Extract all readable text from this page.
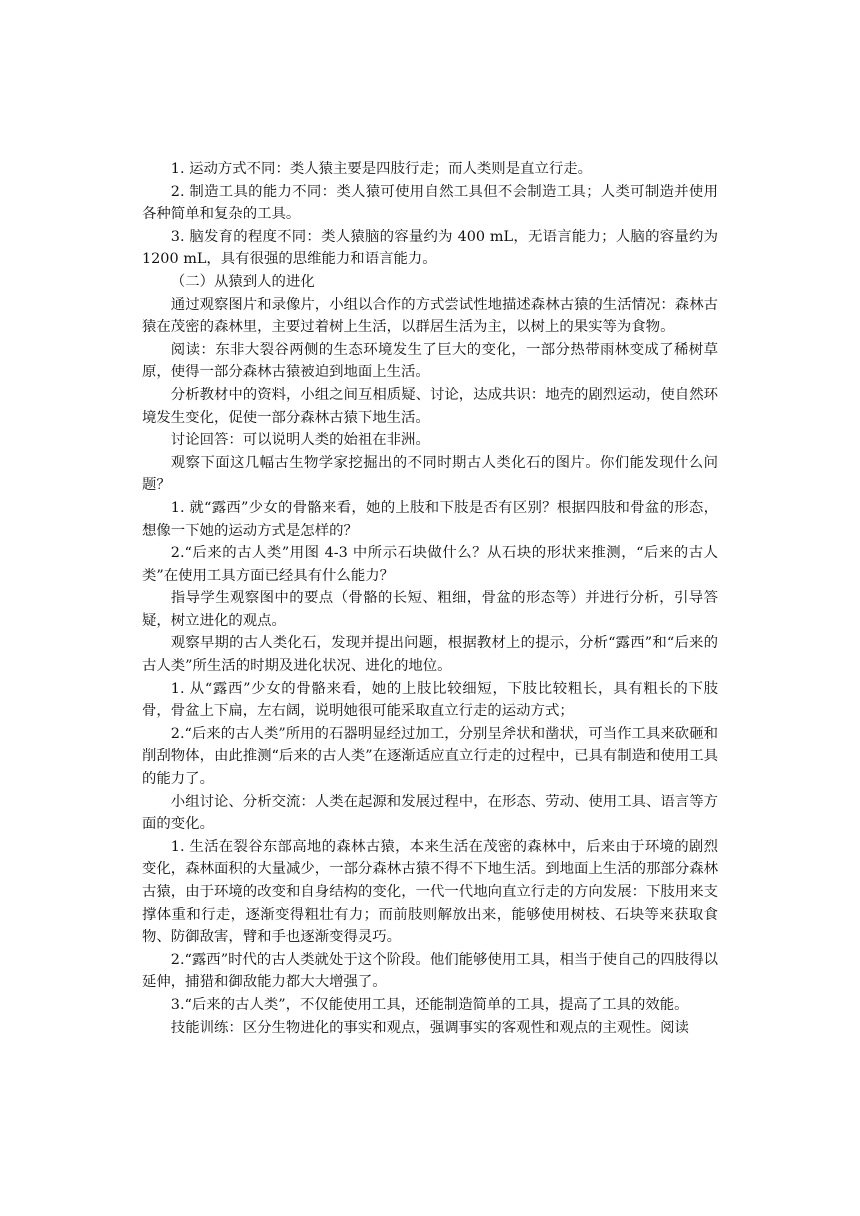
1. 运动方式不同：类人猿主要是四肢行走；而人类则是直立行走。

2. 制造工具的能力不同：类人猿可使用自然工具但不会制造工具；人类可制造并使用各种简单和复杂的工具。

3. 脑发育的程度不同：类人猿脑的容量约为 400 mL，无语言能力；人脑的容量约为 1200 mL，具有很强的思维能力和语言能力。

（二）从猿到人的进化

通过观察图片和录像片，小组以合作的方式尝试性地描述森林古猿的生活情况：森林古猿在茂密的森林里，主要过着树上生活，以群居生活为主，以树上的果实等为食物。

阅读：东非大裂谷两侧的生态环境发生了巨大的变化，一部分热带雨林变成了稀树草原，使得一部分森林古猿被迫到地面上生活。

分析教材中的资料，小组之间互相质疑、讨论，达成共识：地壳的剧烈运动，使自然环境发生变化，促使一部分森林古猿下地生活。

讨论回答：可以说明人类的始祖在非洲。

观察下面这几幅古生物学家挖掘出的不同时期古人类化石的图片。你们能发现什么问题？

1. 就“露西”少女的骨骼来看，她的上肢和下肢是否有区别？根据四肢和骨盆的形态，想像一下她的运动方式是怎样的？

2.“后来的古人类”用图 4-3 中所示石块做什么？从石块的形状来推测，“后来的古人类”在使用工具方面已经具有什么能力？

指导学生观察图中的要点（骨骼的长短、粗细，骨盆的形态等）并进行分析，引导答疑，树立进化的观点。

观察早期的古人类化石，发现并提出问题，根据教材上的提示，分析“露西”和“后来的古人类”所生活的时期及进化状况、进化的地位。

1. 从“露西”少女的骨骼来看，她的上肢比较细短，下肢比较粗长，具有粗长的下肢骨，骨盆上下扁，左右阔，说明她很可能采取直立行走的运动方式；

2.“后来的古人类”所用的石器明显经过加工，分别呈斧状和凿状，可当作工具来砍砸和削刮物体，由此推测“后来的古人类”在逐渐适应直立行走的过程中，已具有制造和使用工具的能力了。

小组讨论、分析交流：人类在起源和发展过程中，在形态、劳动、使用工具、语言等方面的变化。

1. 生活在裂谷东部高地的森林古猿，本来生活在茂密的森林中，后来由于环境的剧烈变化，森林面积的大量减少，一部分森林古猿不得不下地生活。到地面上生活的那部分森林古猿，由于环境的改变和自身结构的变化，一代一代地向直立行走的方向发展：下肢用来支撑体重和行走，逐渐变得粗壮有力；而前肢则解放出来，能够使用树枝、石块等来获取食物、防御敌害，臂和手也逐渐变得灵巧。

2.“露西”时代的古人类就处于这个阶段。他们能够使用工具，相当于使自己的四肢得以延伸，捕猎和御敌能力都大大增强了。

3.“后来的古人类”，不仅能使用工具，还能制造简单的工具，提高了工具的效能。

技能训练：区分生物进化的事实和观点，强调事实的客观性和观点的主观性。阅读
